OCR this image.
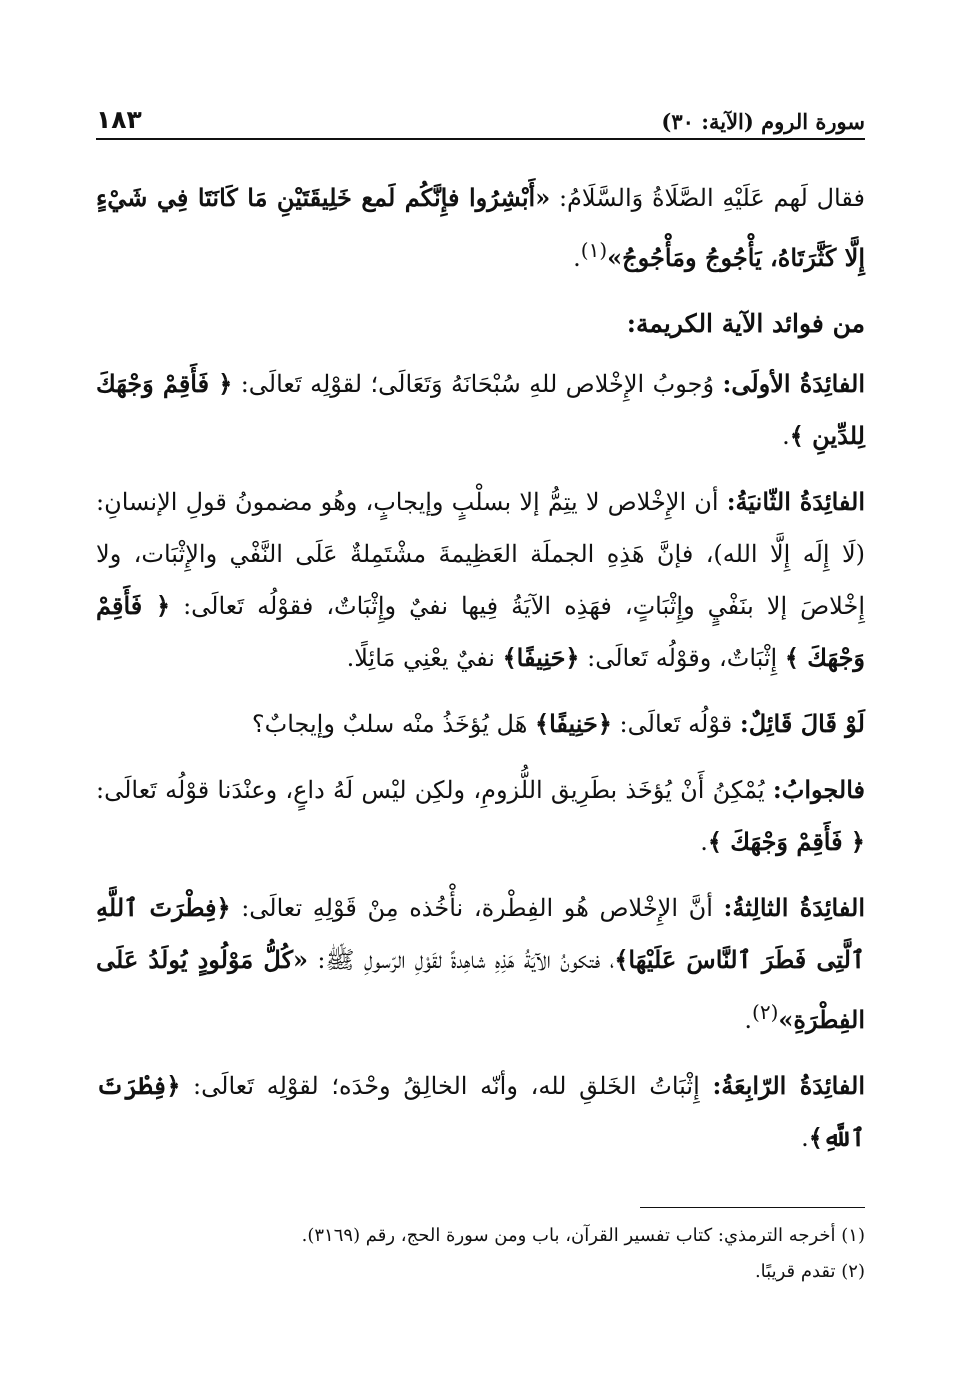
سورة الروم (الآية: ٣٠)
١٨٣

فقال لَهم عَلَيْهِ الصَّلَاةُ وَالسَّلَامُ: «أَبْشِرُوا فإِنَّكُم لَمع خَلِيقَتَيْنِ مَا كَانَتَا فِي شَيْءٍ إِلَّا كَثَّرَتَاهُ، يَأْجُوجُ ومَأْجُوجُ»$^{(١)}$.

من فوائد الآية الكريمة:

الفائِدَةُ الأولَى: وُجوبُ الإِخْلاص للهِ سُبْحَانَهُ وَتَعَالَى؛ لقوْلِه تَعالَى: ﴿ فَأَقِمْ وَجْهَكَ لِلدِّينِ ﴾.

الفائِدَةُ الثّانيَةُ: أن الإِخْلاص لا يتِمُّ إلا بسلْبٍ وإيجابٍ، وهُو مضمونُ قولِ الإنسانِ: (لَا إِلَه إِلَّا الله)، فإنَّ هَذِهِ الجملَة العَظِيمةَ مشْتَمِلةٌ عَلَى النَّفْي والإِثْبَات، ولا إِخْلاصَ إلا بنَفْيٍ وإِثْبَاتٍ، فهَذِه الآيَةُ فِيها نفيٌ وإِثْبَاتٌ، فقوْلُه تَعالَى: ﴿ فَأَقِمْ وَجْهَكَ ﴾ إِثْبَاتٌ، وقوْلُه تَعالَى: ﴿حَنِيفًا﴾ نفيٌ يعْنِي مَائِلًا.

لَوْ قَالَ قَائِلٌ: قوْلُه تَعالَى: ﴿حَنِيفًا﴾ هَل يُؤخَذُ منْه سلبٌ وإيجابٌ؟

فالجوابُ: يُمْكِنُ أَنْ يُؤخَذ بطَرِيق اللُّزومِ، ولكِن ليْس لَهُ داعٍ، وعنْدَنا قوْلُه تَعالَى: ﴿ فَأَقِمْ وَجْهَكَ ﴾.

الفائِدَةُ الثالِثةُ: أنَّ الإِخْلاص هُو الفِطْرة، نأْخُذه مِنْ قَوْلِهِ تعالَى: ﴿فِطْرَتَ ٱللَّهِ ٱلَّتِى فَطَرَ ٱلنَّاسَ عَلَيْهَا﴾، فتكونُ الآيَةُ هَذِهِ شاهِدةً لقَوْلِ الرّسولِ ﷺ: «كُلُّ مَوْلُودٍ يُولَدُ عَلَى الفِطْرَةِ»$^{(٢)}$.

الفائِدَةُ الرّابِعَةُ: إِثْبَاتُ الخَلقِ لله، وأنّه الخالِقُ وحْدَه؛ لقوْلِه تَعالَى: ﴿فِطْرَتَ ٱللَّهِ﴾.

(١) أخرجه الترمذي: كتاب تفسير القرآن، باب ومن سورة الحج، رقم (٣١٦٩).

(٢) تقدم قريبًا.
